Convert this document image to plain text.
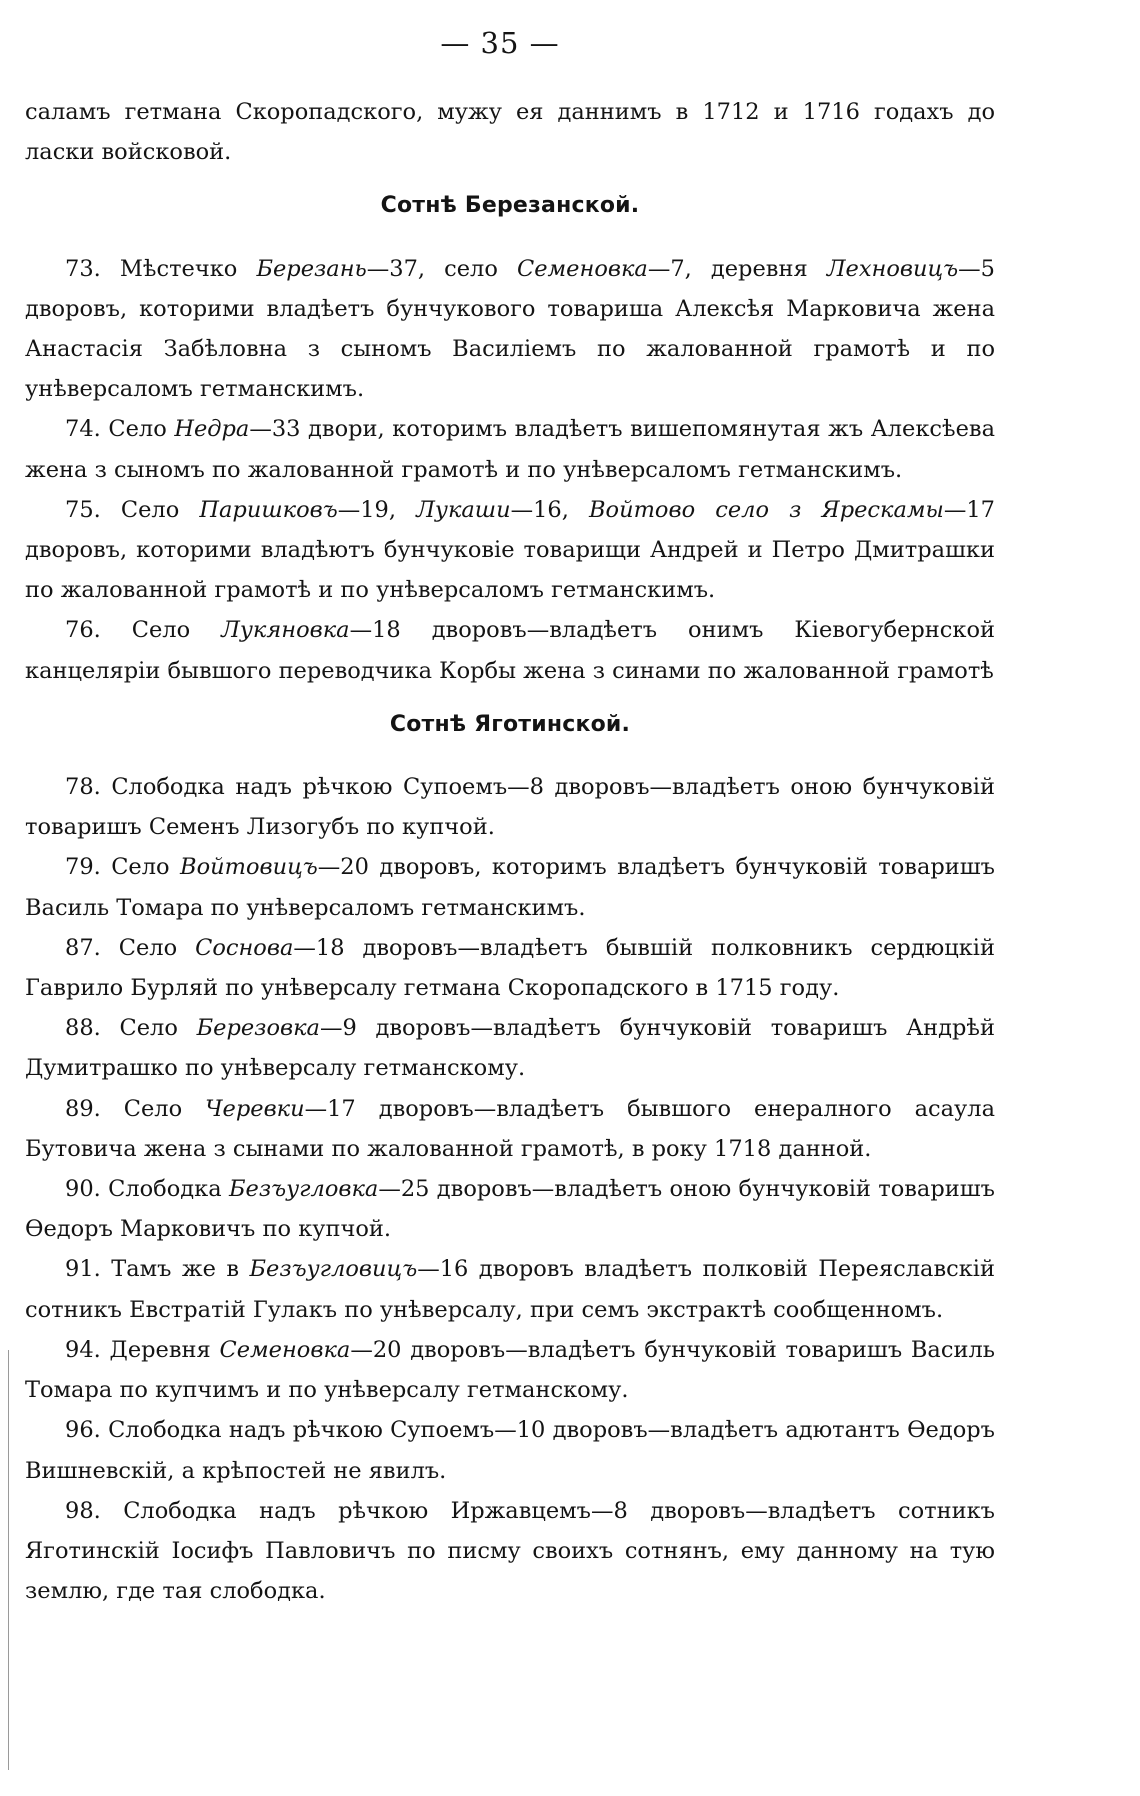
— 35 —

саламъ гетмана Скоропадского, мужу ея даннимъ в 1712 и 1716 годахъ до ласки войсковой.

Сотнѣ Березанской.

73. Мѣстечко Березань—37, село Семеновка—7, деревня Лехновицъ—5 дворовъ, которими владѣетъ бунчукового товариша Алексѣя Марковича жена Анастасія Забѣловна з сыномъ Василіемъ по жалованной грамотѣ и по унѣверсаломъ гетманскимъ.

74. Село Недра—33 двори, которимъ владѣетъ вишепомянутая жъ Алексѣева жена з сыномъ по жалованной грамотѣ и по унѣверсаломъ гетманскимъ.

75. Село Паришковъ—19, Лукаши—16, Войтово село з Ярескамы—17 дворовъ, которими владѣютъ бунчуковіе товарищи Андрей и Петро Дмитрашки по жалованной грамотѣ и по унѣверсаломъ гетманскимъ.

76. Село Лукяновка—18 дворовъ—владѣетъ онимъ Кіевогубернской канцеляріи бывшого переводчика Корбы жена з синами по жалованной грамотѣ

Сотнѣ Яготинской.

78. Слободка надъ рѣчкою Супоемъ—8 дворовъ—владѣетъ оною бунчуковій товаришъ Семенъ Лизогубъ по купчой.

79. Село Войтовицъ—20 дворовъ, которимъ владѣетъ бунчуковій товаришъ Василь Томара по унѣверсаломъ гетманскимъ.

87. Село Соснова—18 дворовъ—владѣетъ бывшій полковникъ сердюцкій Гаврило Бурляй по унѣверсалу гетмана Скоропадского в 1715 году.

88. Село Березовка—9 дворовъ—владѣетъ бунчуковій товаришъ Андрѣй Думитрашко по унѣверсалу гетманскому.

89. Село Черевки—17 дворовъ—владѣетъ бывшого енералного асаула Бутовича жена з сынами по жалованной грамотѣ, в року 1718 данной.

90. Слободка Безъуглoвка—25 дворовъ—владѣетъ оною бунчуковій товаришъ Ѳедоръ Марковичъ по купчой.

91. Тамъ же в Безъугловицъ—16 дворовъ владѣетъ полковій Переяславскій сотникъ Евстратій Гулакъ по унѣверсалу, при семъ экстрактѣ сообщенномъ.

94. Деревня Семеновка—20 дворовъ—владѣетъ бунчуковій товаришъ Василь Томара по купчимъ и по унѣверсалу гетманскому.

96. Слободка надъ рѣчкою Супоемъ—10 дворовъ—владѣетъ адютантъ Ѳедоръ Вишневскій, а крѣпостей не явилъ.

98. Слободка надъ рѣчкою Иржавцемъ—8 дворовъ—владѣетъ сотникъ Яготинскій Іосифъ Павловичъ по писму своихъ сотнянъ, ему данному на тую землю, где тая слободка.
